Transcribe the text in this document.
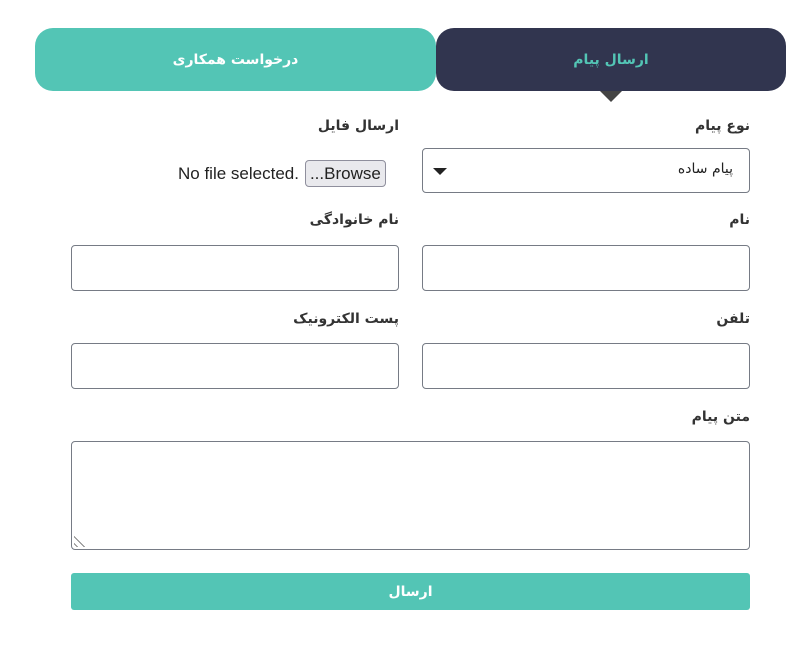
درخواست همکاری	ارسال پیام
نوع پیام
پیام ساده
ارسال فایل
No file selected. ...Browse
نام
نام خانوادگی
تلفن
پست الکترونیک
متن پیام
ارسال
